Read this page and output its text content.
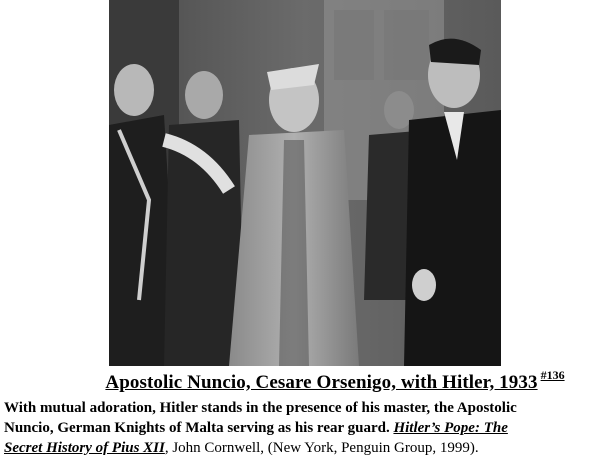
Apostolic Nuncio, Cesare Orsenigo, with Hitler, 1933 #136
With mutual adoration, Hitler stands in the presence of his master, the Apostolic
Nuncio, German Knights of Malta serving as his rear guard. Hitler’s Pope: The
Secret History of Pius XII, John Cornwell, (New York, Penguin Group, 1999).
